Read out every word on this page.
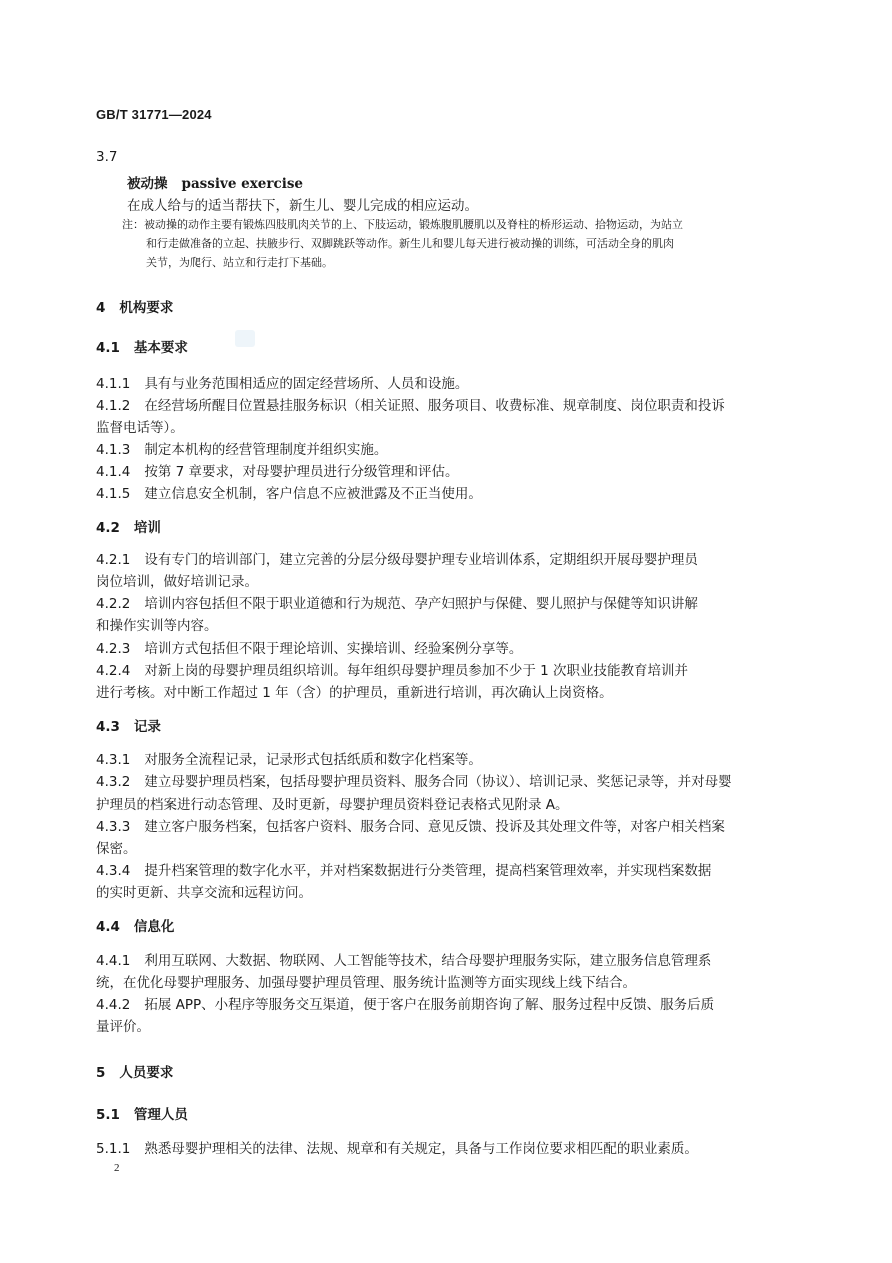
GB/T 31771—2024
3.7
被动操 passive exercise
在成人给与的适当帮扶下，新生儿、婴儿完成的相应运动。
注：被动操的动作主要有锻炼四肢肌肉关节的上、下肢运动，锻炼腹肌腰肌以及脊柱的桥形运动、拾物运动，为站立
和行走做准备的立起、扶腋步行、双脚跳跃等动作。新生儿和婴儿每天进行被动操的训练，可活动全身的肌肉
关节，为爬行、站立和行走打下基础。
4 机构要求
4.1 基本要求
4.1.1 具有与业务范围相适应的固定经营场所、人员和设施。
4.1.2 在经营场所醒目位置悬挂服务标识（相关证照、服务项目、收费标准、规章制度、岗位职责和投诉
监督电话等）。
4.1.3 制定本机构的经营管理制度并组织实施。
4.1.4 按第 7 章要求，对母婴护理员进行分级管理和评估。
4.1.5 建立信息安全机制，客户信息不应被泄露及不正当使用。
4.2 培训
4.2.1 设有专门的培训部门，建立完善的分层分级母婴护理专业培训体系，定期组织开展母婴护理员
岗位培训，做好培训记录。
4.2.2 培训内容包括但不限于职业道德和行为规范、孕产妇照护与保健、婴儿照护与保健等知识讲解
和操作实训等内容。
4.2.3 培训方式包括但不限于理论培训、实操培训、经验案例分享等。
4.2.4 对新上岗的母婴护理员组织培训。每年组织母婴护理员参加不少于 1 次职业技能教育培训并
进行考核。对中断工作超过 1 年（含）的护理员，重新进行培训，再次确认上岗资格。
4.3 记录
4.3.1 对服务全流程记录，记录形式包括纸质和数字化档案等。
4.3.2 建立母婴护理员档案，包括母婴护理员资料、服务合同（协议）、培训记录、奖惩记录等，并对母婴
护理员的档案进行动态管理、及时更新，母婴护理员资料登记表格式见附录 A。
4.3.3 建立客户服务档案，包括客户资料、服务合同、意见反馈、投诉及其处理文件等，对客户相关档案
保密。
4.3.4 提升档案管理的数字化水平，并对档案数据进行分类管理，提高档案管理效率，并实现档案数据
的实时更新、共享交流和远程访问。
4.4 信息化
4.4.1 利用互联网、大数据、物联网、人工智能等技术，结合母婴护理服务实际，建立服务信息管理系
统，在优化母婴护理服务、加强母婴护理员管理、服务统计监测等方面实现线上线下结合。
4.4.2 拓展 APP、小程序等服务交互渠道，便于客户在服务前期咨询了解、服务过程中反馈、服务后质
量评价。
5 人员要求
5.1 管理人员
5.1.1 熟悉母婴护理相关的法律、法规、规章和有关规定，具备与工作岗位要求相匹配的职业素质。
2
